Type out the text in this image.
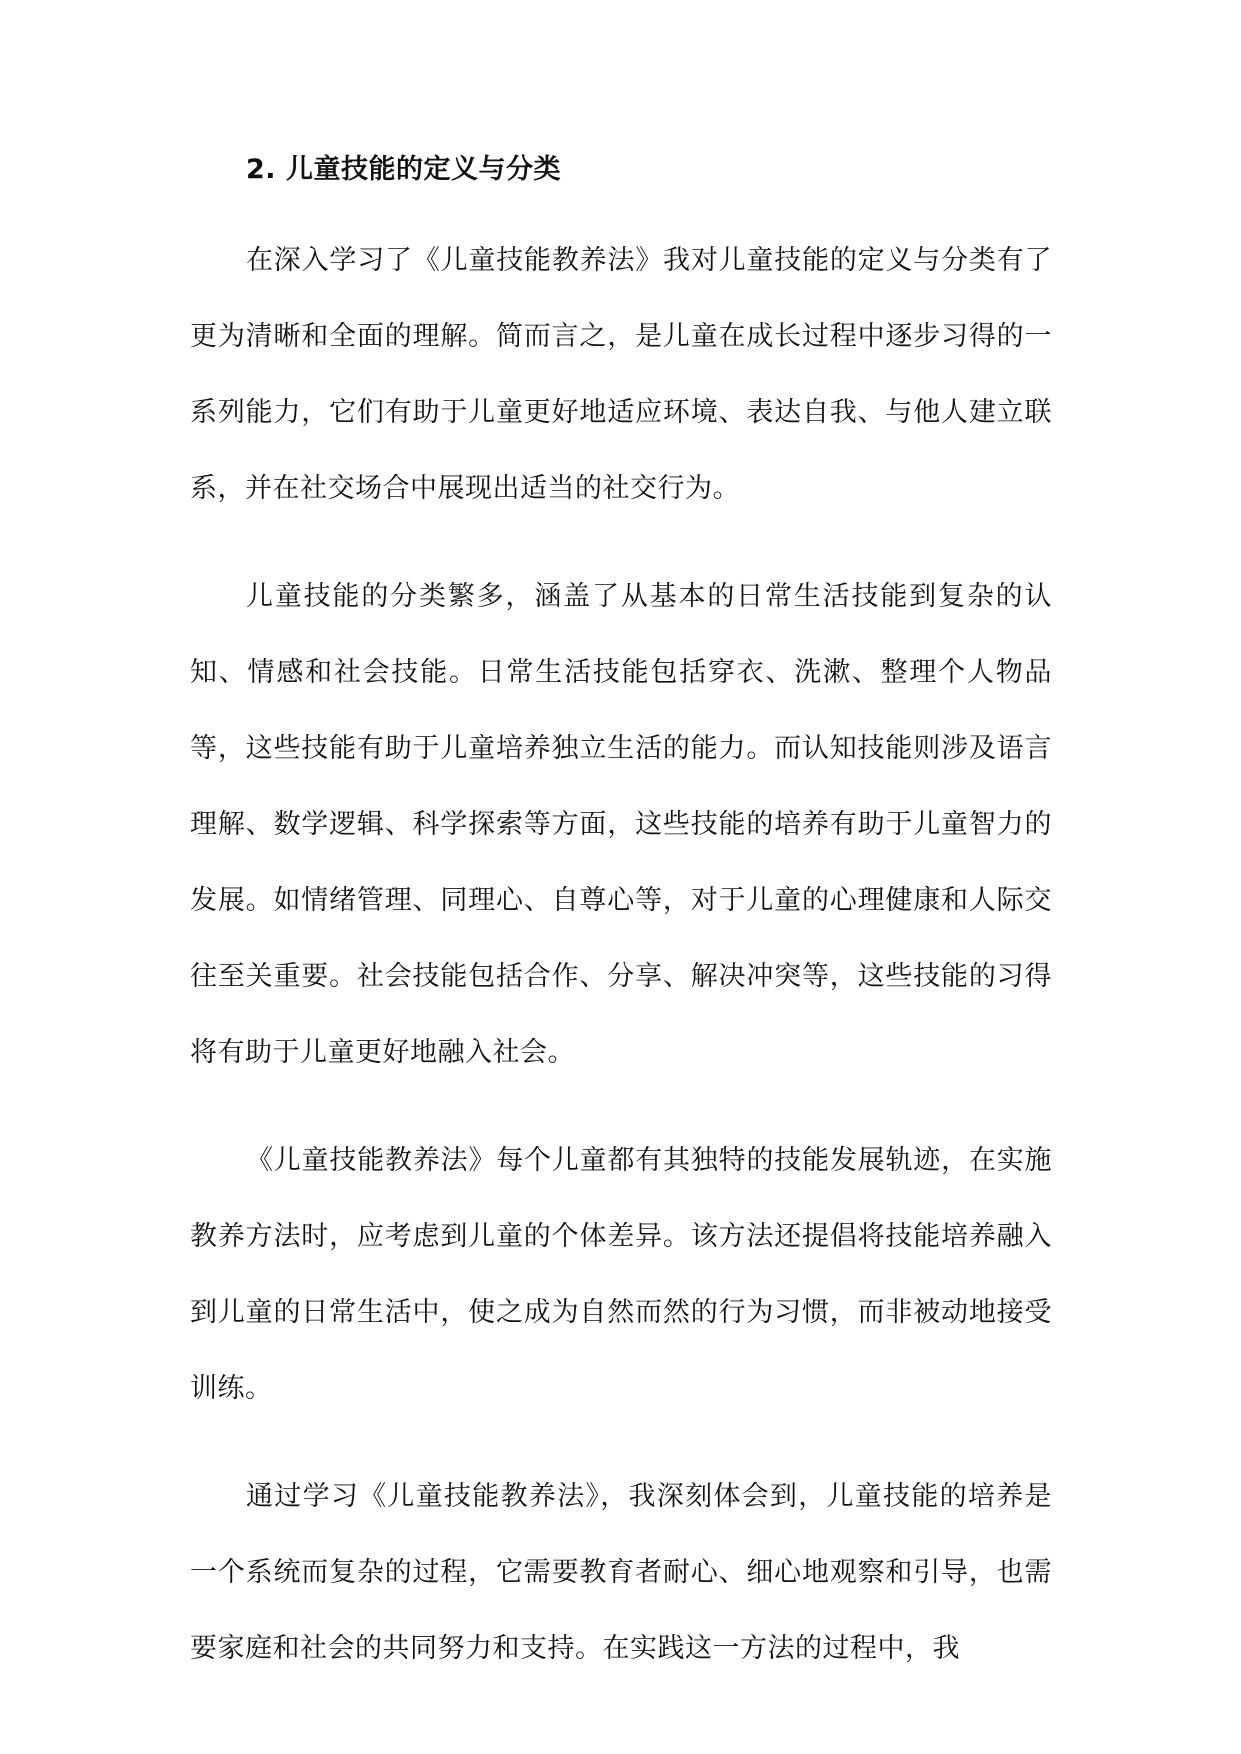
2. 儿童技能的定义与分类

在深入学习了《儿童技能教养法》我对儿童技能的定义与分类有了更为清晰和全面的理解。简而言之，是儿童在成长过程中逐步习得的一系列能力，它们有助于儿童更好地适应环境、表达自我、与他人建立联系，并在社交场合中展现出适当的社交行为。

儿童技能的分类繁多，涵盖了从基本的日常生活技能到复杂的认知、情感和社会技能。日常生活技能包括穿衣、洗漱、整理个人物品等，这些技能有助于儿童培养独立生活的能力。而认知技能则涉及语言理解、数学逻辑、科学探索等方面，这些技能的培养有助于儿童智力的发展。如情绪管理、同理心、自尊心等，对于儿童的心理健康和人际交往至关重要。社会技能包括合作、分享、解决冲突等，这些技能的习得将有助于儿童更好地融入社会。

《儿童技能教养法》每个儿童都有其独特的技能发展轨迹，在实施教养方法时，应考虑到儿童的个体差异。该方法还提倡将技能培养融入到儿童的日常生活中，使之成为自然而然的行为习惯，而非被动地接受训练。

通过学习《儿童技能教养法》，我深刻体会到，儿童技能的培养是一个系统而复杂的过程，它需要教育者耐心、细心地观察和引导，也需要家庭和社会的共同努力和支持。在实践这一方法的过程中，我
